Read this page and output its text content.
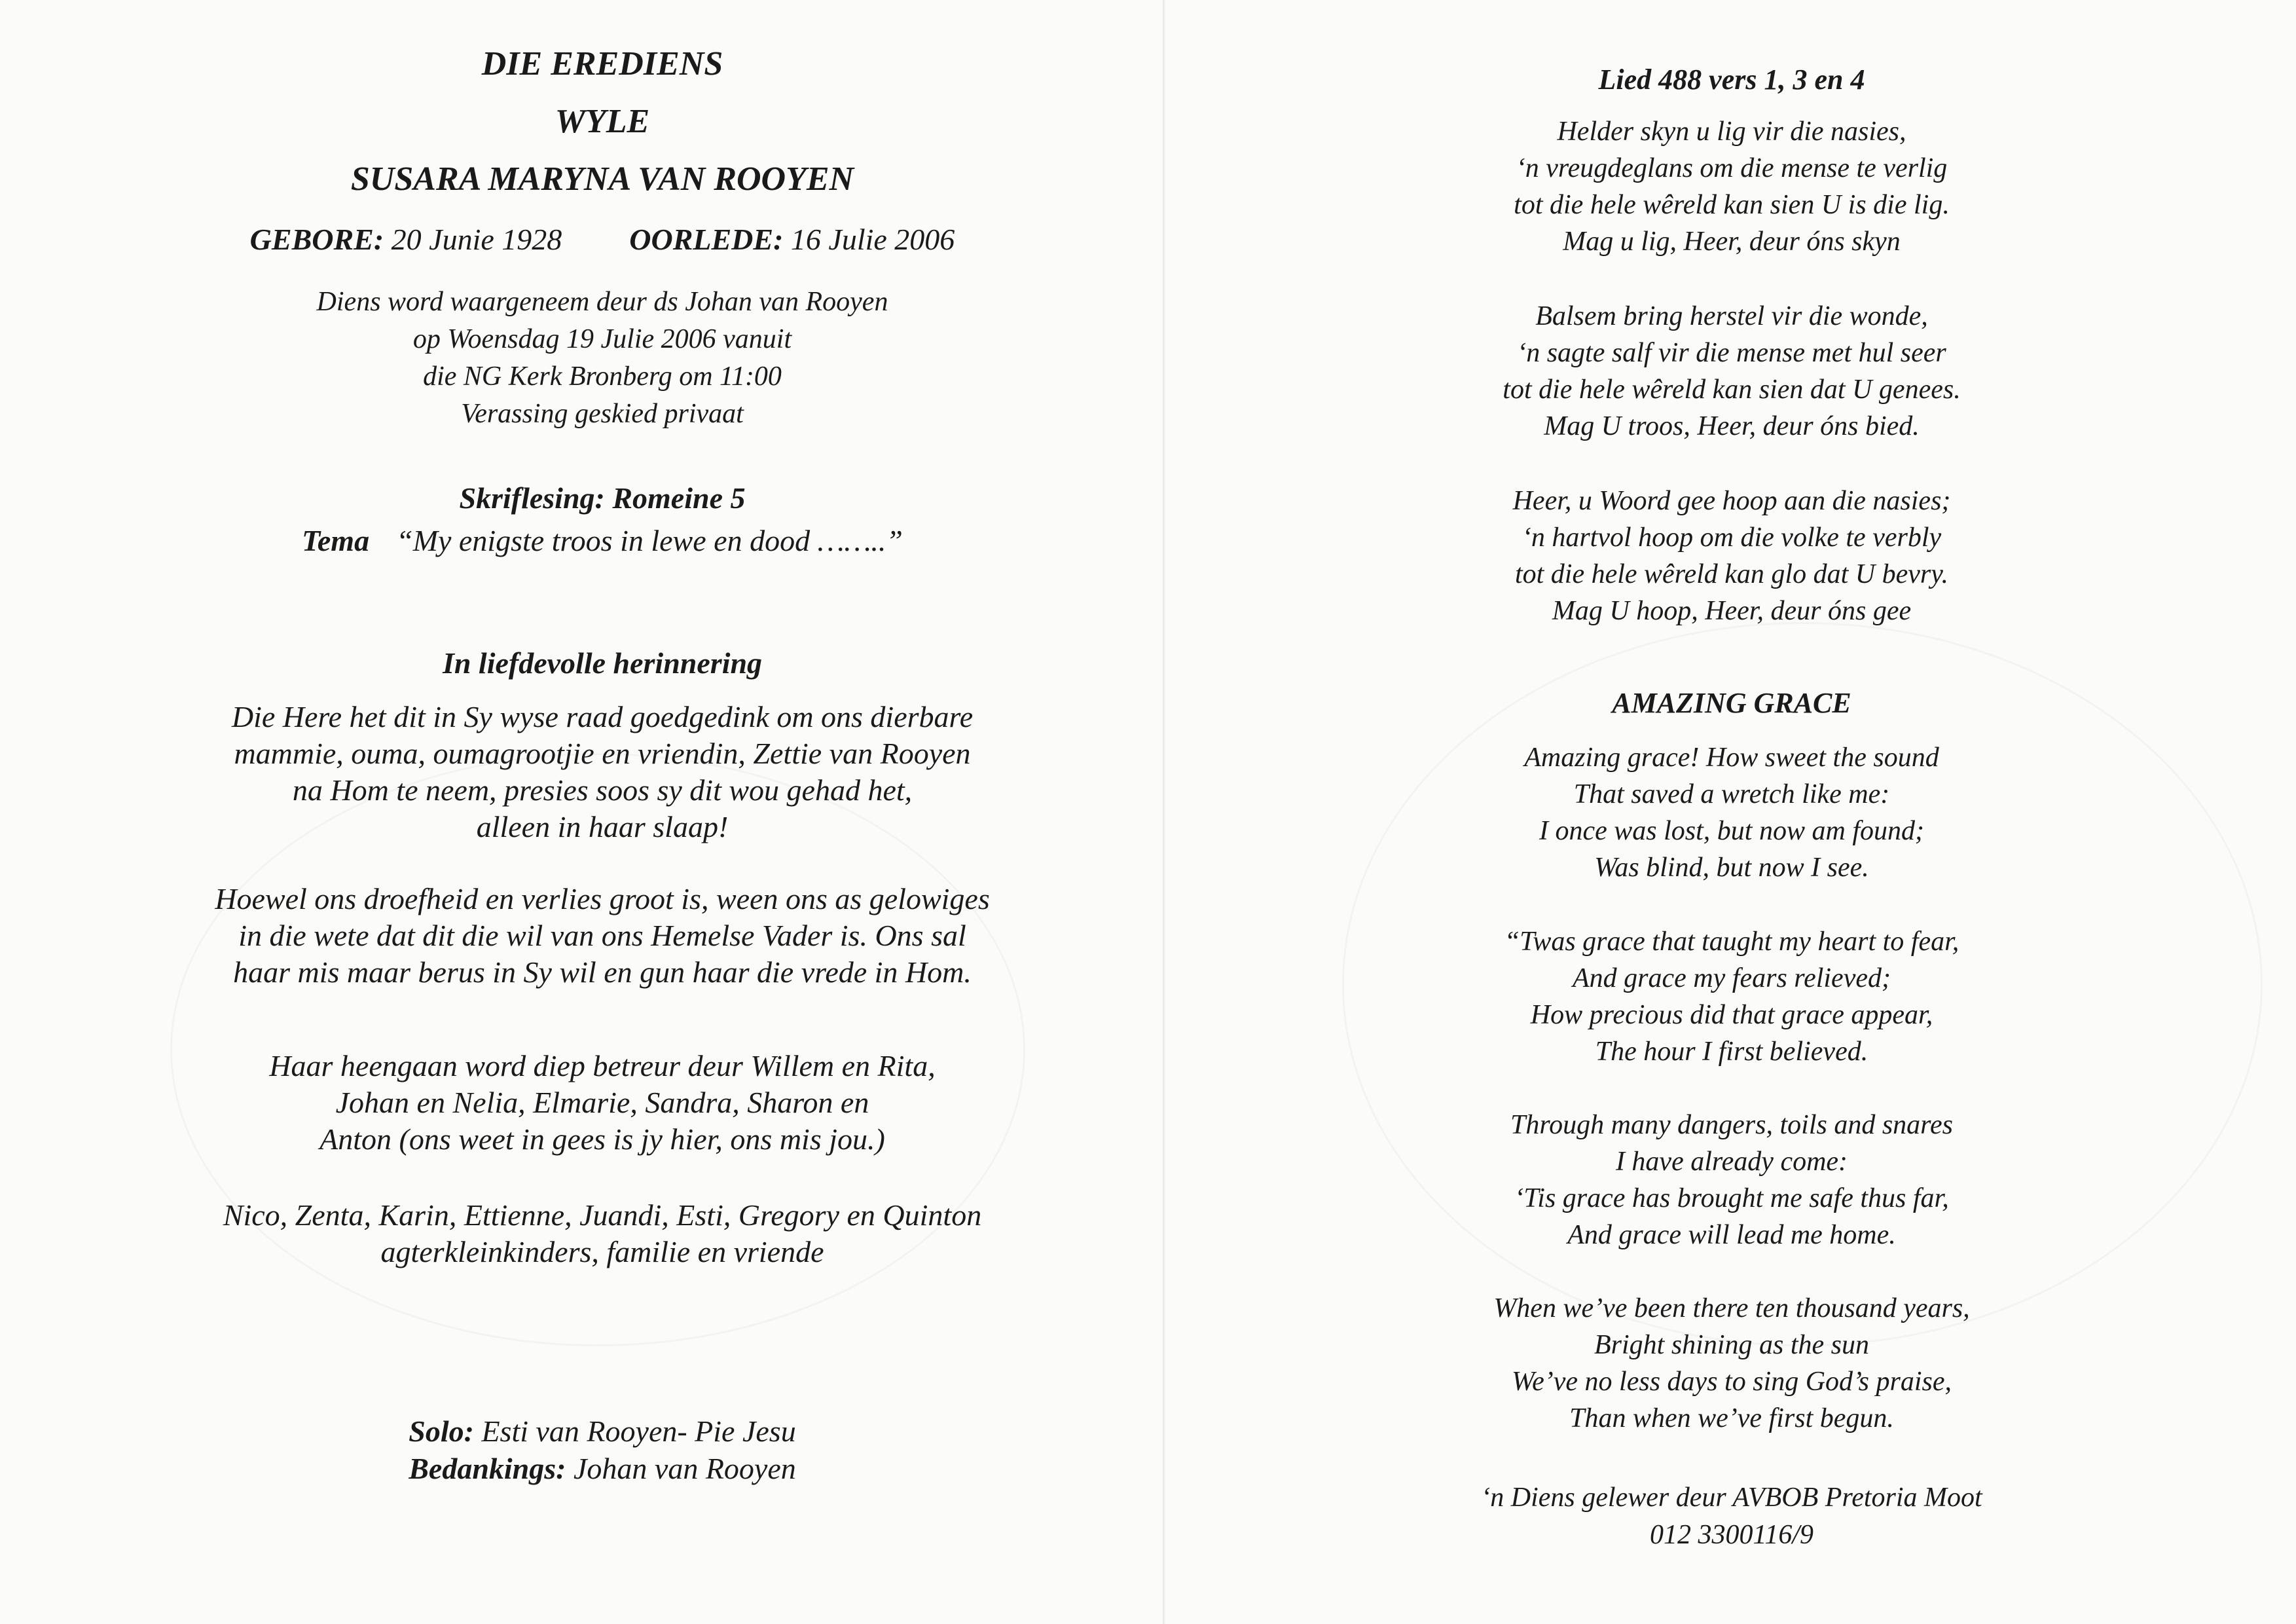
DIE EREDIENS
WYLE
SUSARA MARYNA VAN ROOYEN
GEBORE: 20 Junie 1928 OORLEDE: 16 Julie 2006
Diens word waargeneem deur ds Johan van Rooyen
op Woensdag 19 Julie 2006 vanuit
die NG Kerk Bronberg om 11:00
Verassing geskied privaat
Skriflesing: Romeine 5
Tema “My enigste troos in lewe en dood ……..”
In liefdevolle herinnering
Die Here het dit in Sy wyse raad goedgedink om ons dierbare
mammie, ouma, oumagrootjie en vriendin, Zettie van Rooyen
na Hom te neem, presies soos sy dit wou gehad het,
alleen in haar slaap!
Hoewel ons droefheid en verlies groot is, ween ons as gelowiges
in die wete dat dit die wil van ons Hemelse Vader is. Ons sal
haar mis maar berus in Sy wil en gun haar die vrede in Hom.
Haar heengaan word diep betreur deur Willem en Rita,
Johan en Nelia, Elmarie, Sandra, Sharon en
Anton (ons weet in gees is jy hier, ons mis jou.)
Nico, Zenta, Karin, Ettienne, Juandi, Esti, Gregory en Quinton
agterkleinkinders, familie en vriende
Solo: Esti van Rooyen- Pie Jesu
Bedankings: Johan van Rooyen
Lied 488 vers 1, 3 en 4
Helder skyn u lig vir die nasies,
‘n vreugdeglans om die mense te verlig
tot die hele wêreld kan sien U is die lig.
Mag u lig, Heer, deur óns skyn
Balsem bring herstel vir die wonde,
‘n sagte salf vir die mense met hul seer
tot die hele wêreld kan sien dat U genees.
Mag U troos, Heer, deur óns bied.
Heer, u Woord gee hoop aan die nasies;
‘n hartvol hoop om die volke te verbly
tot die hele wêreld kan glo dat U bevry.
Mag U hoop, Heer, deur óns gee
AMAZING GRACE
Amazing grace! How sweet the sound
That saved a wretch like me:
I once was lost, but now am found;
Was blind, but now I see.
“Twas grace that taught my heart to fear,
And grace my fears relieved;
How precious did that grace appear,
The hour I first believed.
Through many dangers, toils and snares
I have already come:
‘Tis grace has brought me safe thus far,
And grace will lead me home.
When we’ve been there ten thousand years,
Bright shining as the sun
We’ve no less days to sing God’s praise,
Than when we’ve first begun.
‘n Diens gelewer deur AVBOB Pretoria Moot
012 3300116/9
